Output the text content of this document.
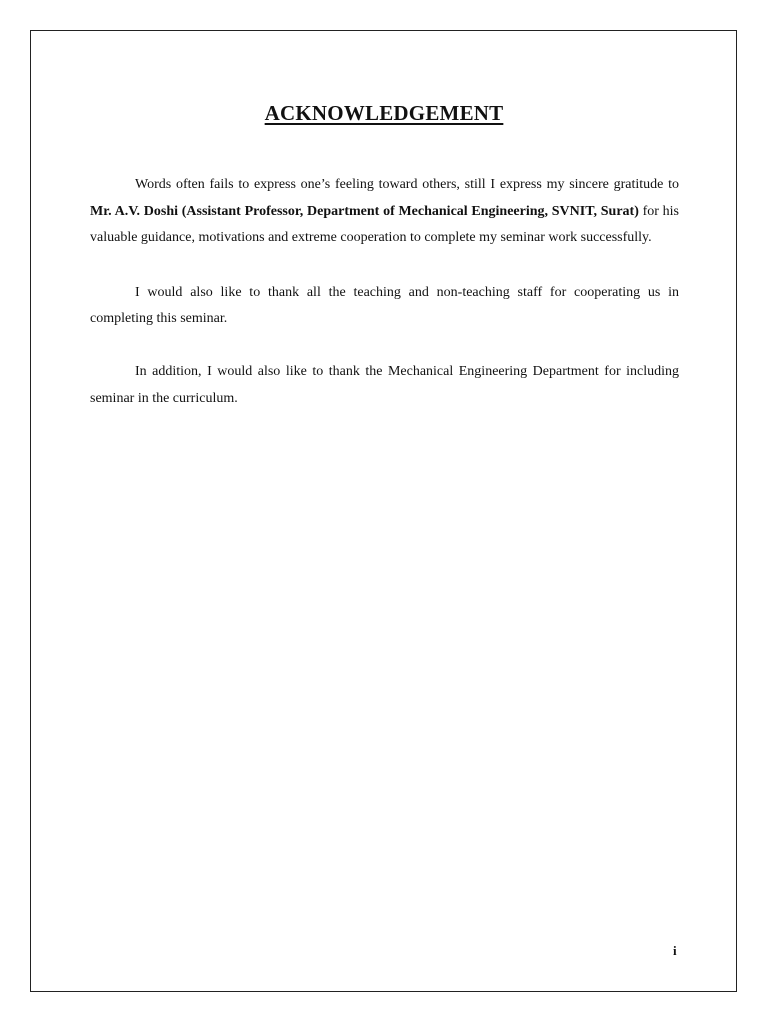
ACKNOWLEDGEMENT

Words often fails to express one’s feeling toward others, still I express my sincere gratitude to Mr. A.V. Doshi (Assistant Professor, Department of Mechanical Engineering, SVNIT, Surat) for his valuable guidance, motivations and extreme cooperation to complete my seminar work successfully.

I would also like to thank all the teaching and non-teaching staff for cooperating us in completing this seminar.

In addition, I would also like to thank the Mechanical Engineering Department for including seminar in the curriculum.

i
